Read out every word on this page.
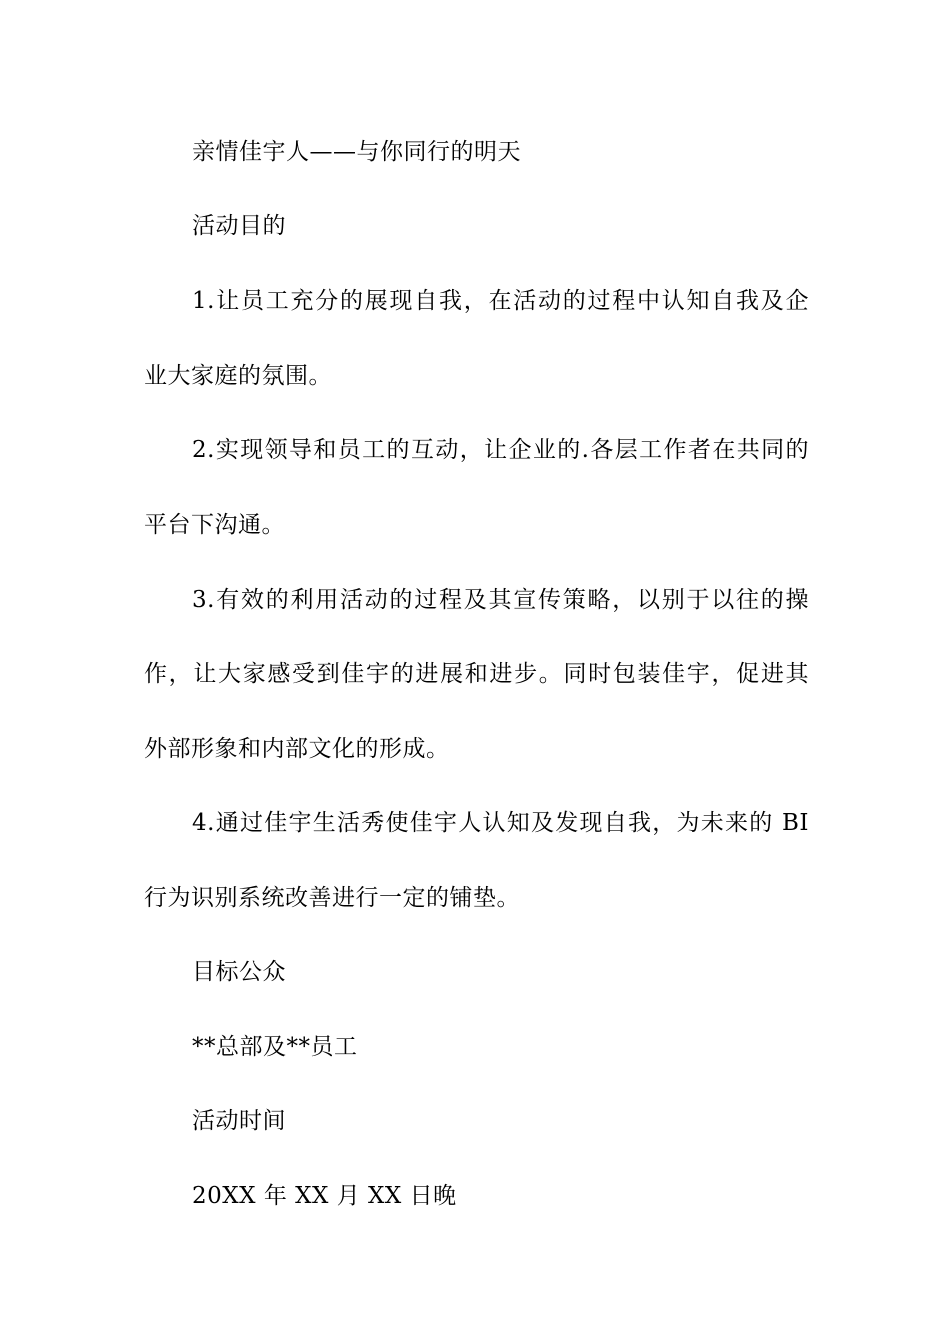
亲情佳宇人——与你同行的明天
活动目的
1.让员工充分的展现自我，在活动的过程中认知自我及企
业大家庭的氛围。
2.实现领导和员工的互动，让企业的.各层工作者在共同的
平台下沟通。
3.有效的利用活动的过程及其宣传策略，以别于以往的操
作，让大家感受到佳宇的进展和进步。同时包装佳宇，促进其
外部形象和内部文化的形成。
4.通过佳宇生活秀使佳宇人认知及发现自我，为未来的 BI
行为识别系统改善进行一定的铺垫。
目标公众
**总部及**员工
活动时间
20XX 年 XX 月 XX 日晚
